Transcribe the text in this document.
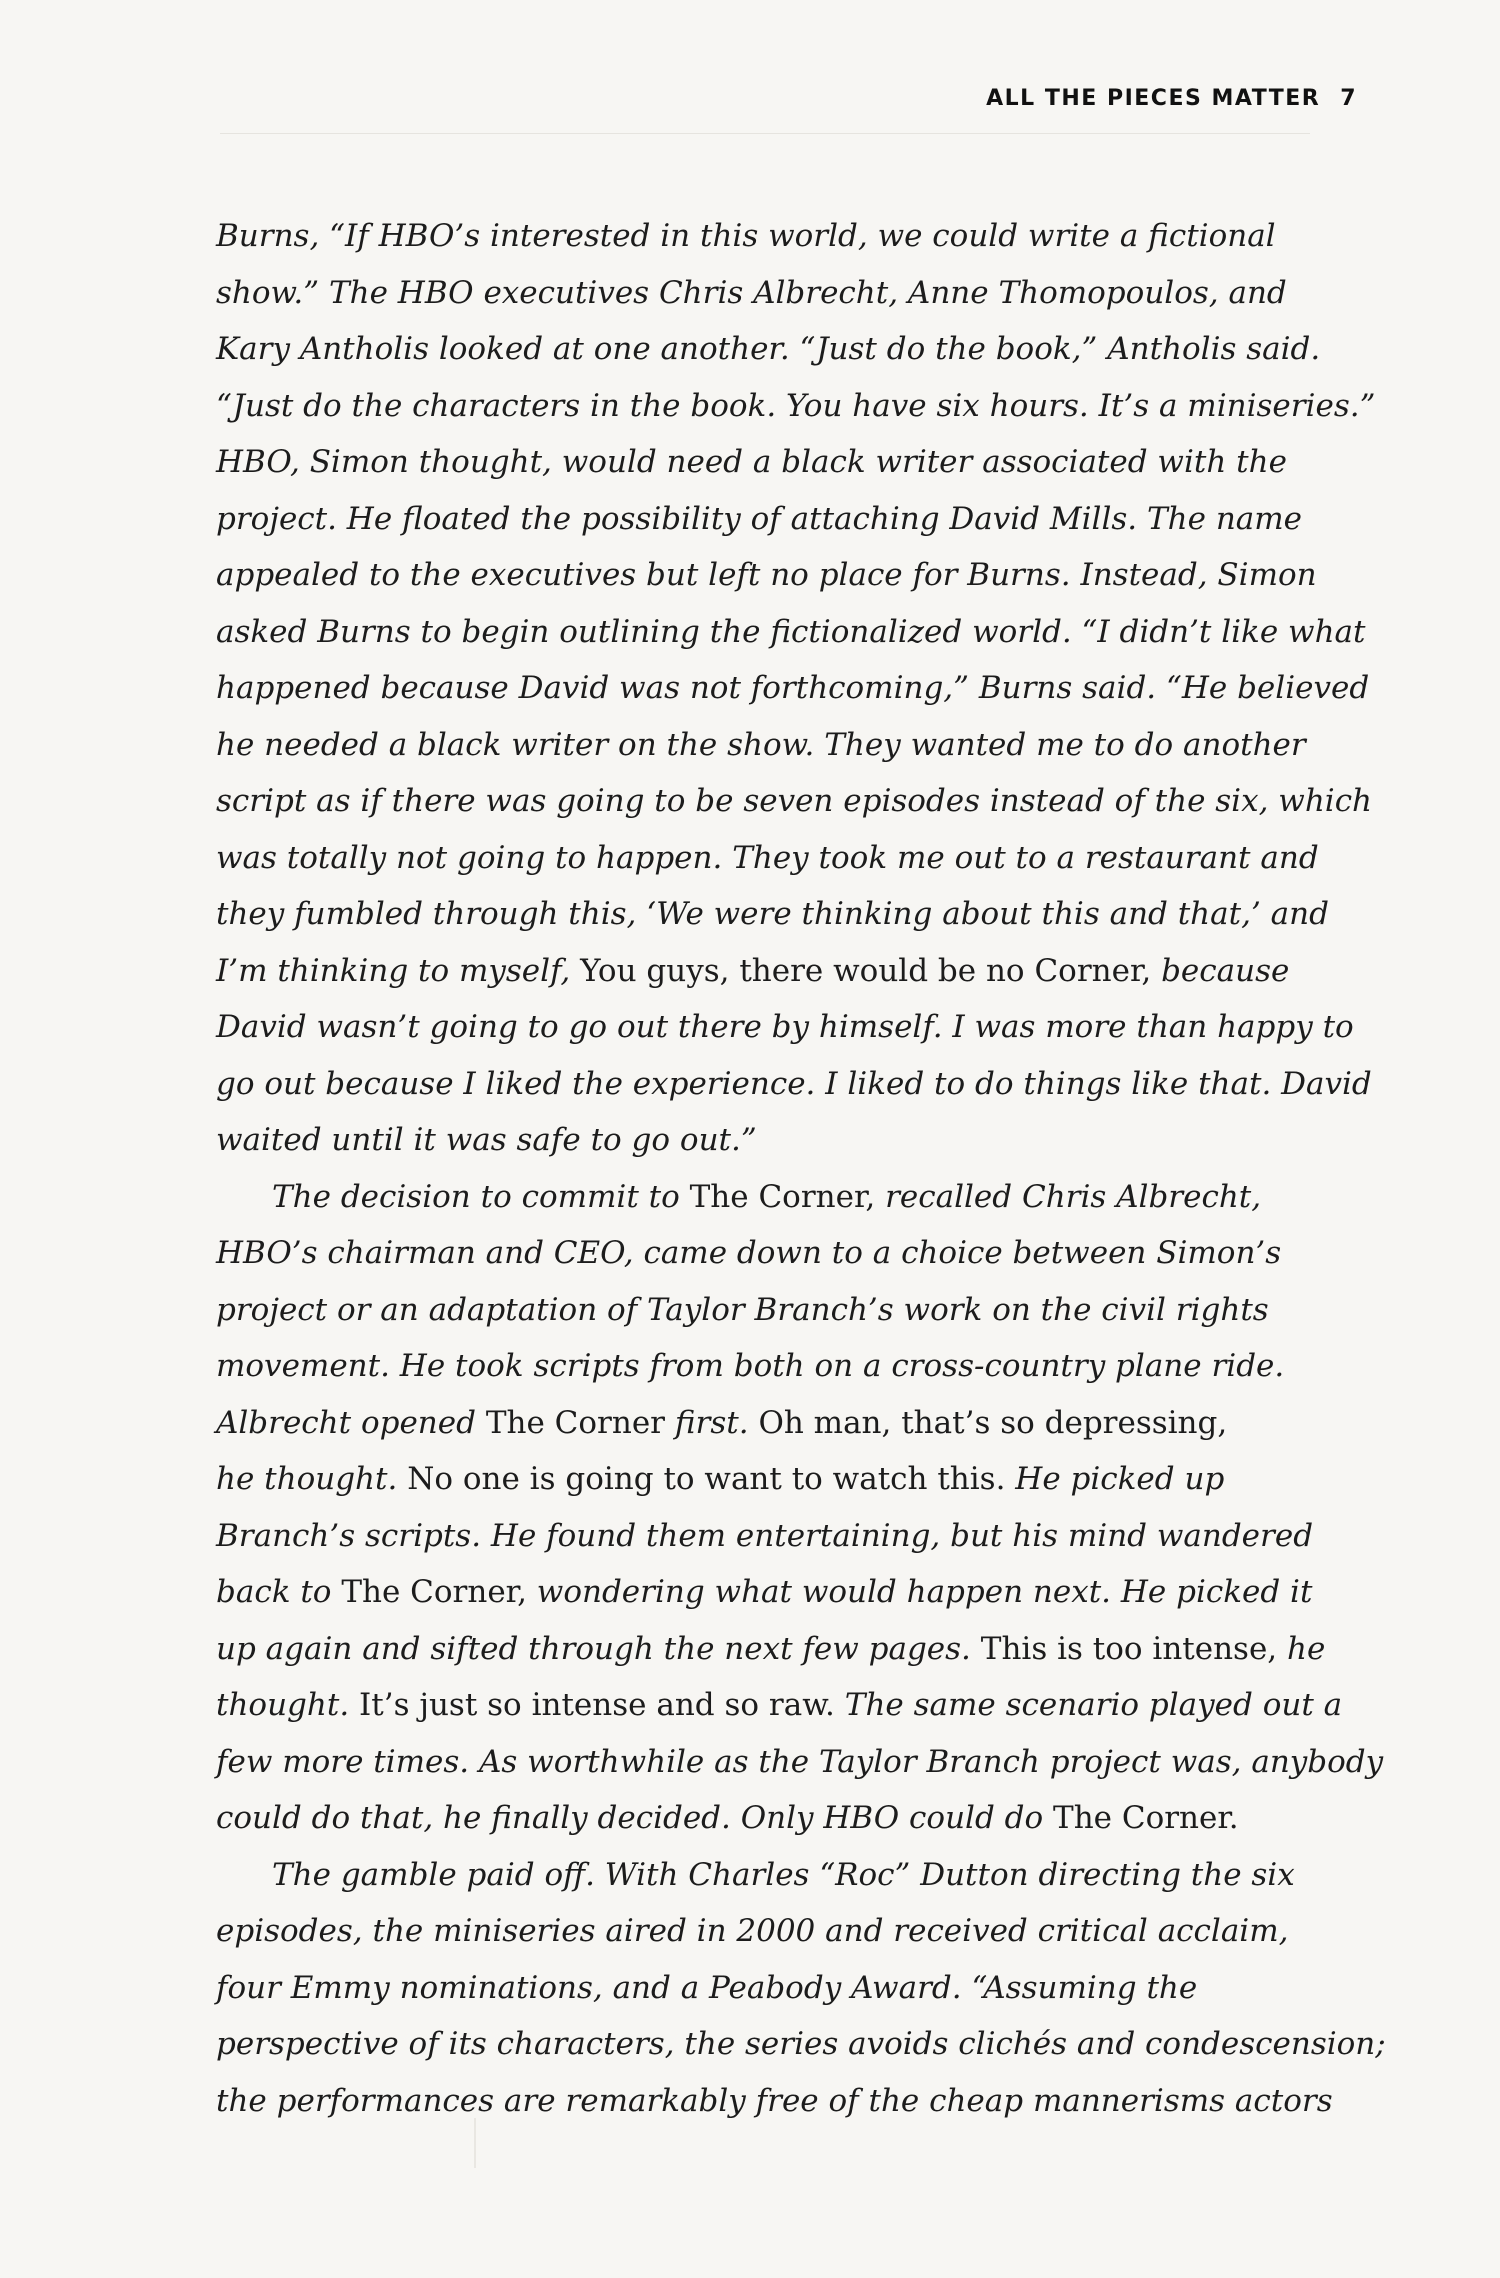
ALL THE PIECES MATTER 7
Burns, “If HBO’s interested in this world, we could write a fictional
show.” The HBO executives Chris Albrecht, Anne Thomopoulos, and
Kary Antholis looked at one another. “Just do the book,” Antholis said.
“Just do the characters in the book. You have six hours. It’s a miniseries.”
HBO, Simon thought, would need a black writer associated with the
project. He floated the possibility of attaching David Mills. The name
appealed to the executives but left no place for Burns. Instead, Simon
asked Burns to begin outlining the fictionalized world. “I didn’t like what
happened because David was not forthcoming,” Burns said. “He believed
he needed a black writer on the show. They wanted me to do another
script as if there was going to be seven episodes instead of the six, which
was totally not going to happen. They took me out to a restaurant and
they fumbled through this, ‘We were thinking about this and that,’ and
I’m thinking to myself, You guys, there would be no Corner, because
David wasn’t going to go out there by himself. I was more than happy to
go out because I liked the experience. I liked to do things like that. David
waited until it was safe to go out.”
The decision to commit to The Corner, recalled Chris Albrecht,
HBO’s chairman and CEO, came down to a choice between Simon’s
project or an adaptation of Taylor Branch’s work on the civil rights
movement. He took scripts from both on a cross-country plane ride.
Albrecht opened The Corner first. Oh man, that’s so depressing,
he thought. No one is going to want to watch this. He picked up
Branch’s scripts. He found them entertaining, but his mind wandered
back to The Corner, wondering what would happen next. He picked it
up again and sifted through the next few pages. This is too intense, he
thought. It’s just so intense and so raw. The same scenario played out a
few more times. As worthwhile as the Taylor Branch project was, anybody
could do that, he finally decided. Only HBO could do The Corner.
The gamble paid off. With Charles “Roc” Dutton directing the six
episodes, the miniseries aired in 2000 and received critical acclaim,
four Emmy nominations, and a Peabody Award. “Assuming the
perspective of its characters, the series avoids clichés and condescension;
the performances are remarkably free of the cheap mannerisms actors
